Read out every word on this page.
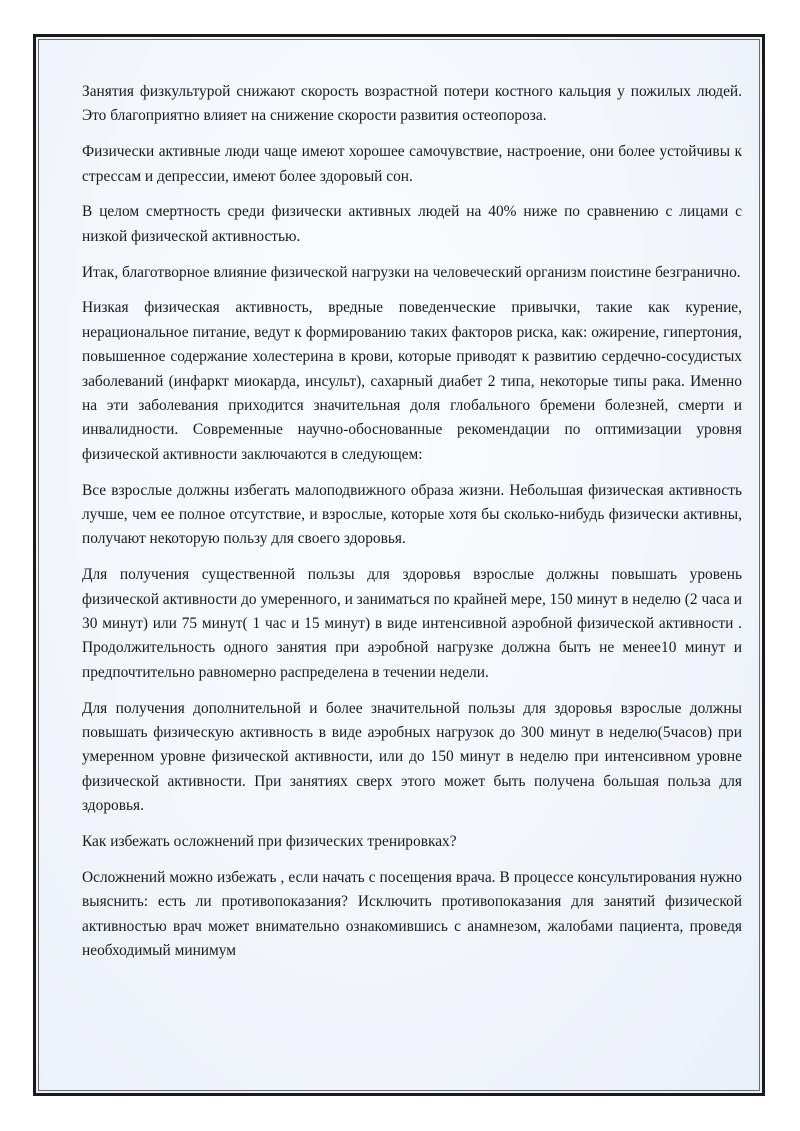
Занятия физкультурой снижают скорость возрастной потери костного кальция у пожилых людей. Это благоприятно влияет на снижение скорости развития остеопороза.

Физически активные люди чаще имеют хорошее самочувствие, настроение, они более устойчивы к стрессам и депрессии, имеют более здоровый сон.

В целом смертность среди физически активных людей на 40% ниже по сравнению с лицами с низкой физической активностью.

Итак, благотворное влияние физической нагрузки на человеческий организм поистине безгранично.

Низкая физическая активность, вредные поведенческие привычки, такие как курение, нерациональное питание, ведут к формированию таких факторов риска, как: ожирение, гипертония, повышенное содержание холестерина в крови, которые приводят к развитию сердечно-сосудистых заболеваний (инфаркт миокарда, инсульт), сахарный диабет 2 типа, некоторые типы рака. Именно на эти заболевания приходится значительная доля глобального бремени болезней, смерти и инвалидности. Современные научно-обоснованные рекомендации по оптимизации уровня физической активности заключаются в следующем:

Все взрослые должны избегать малоподвижного образа жизни. Небольшая физическая активность лучше, чем ее полное отсутствие, и взрослые, которые хотя бы сколько-нибудь физически активны, получают некоторую пользу для своего здоровья.

Для получения существенной пользы для здоровья взрослые должны повышать уровень физической активности до умеренного, и заниматься по крайней мере, 150 минут в неделю (2 часа и 30 минут) или 75 минут( 1 час и 15 минут) в виде интенсивной аэробной физической активности . Продолжительность одного занятия при аэробной нагрузке должна быть не менее10 минут и предпочтительно равномерно распределена в течении недели.

Для получения дополнительной и более значительной пользы для здоровья взрослые должны повышать физическую активность в виде аэробных нагрузок до 300 минут в неделю(5часов) при умеренном уровне физической активности, или до 150 минут в неделю при интенсивном уровне физической активности. При занятиях сверх этого может быть получена большая польза для здоровья.

Как избежать осложнений при физических тренировках?

Осложнений можно избежать , если начать с посещения врача. В процессе консультирования нужно выяснить: есть ли противопоказания? Исключить противопоказания для занятий физической активностью врач может внимательно ознакомившись с анамнезом, жалобами пациента, проведя необходимый минимум
